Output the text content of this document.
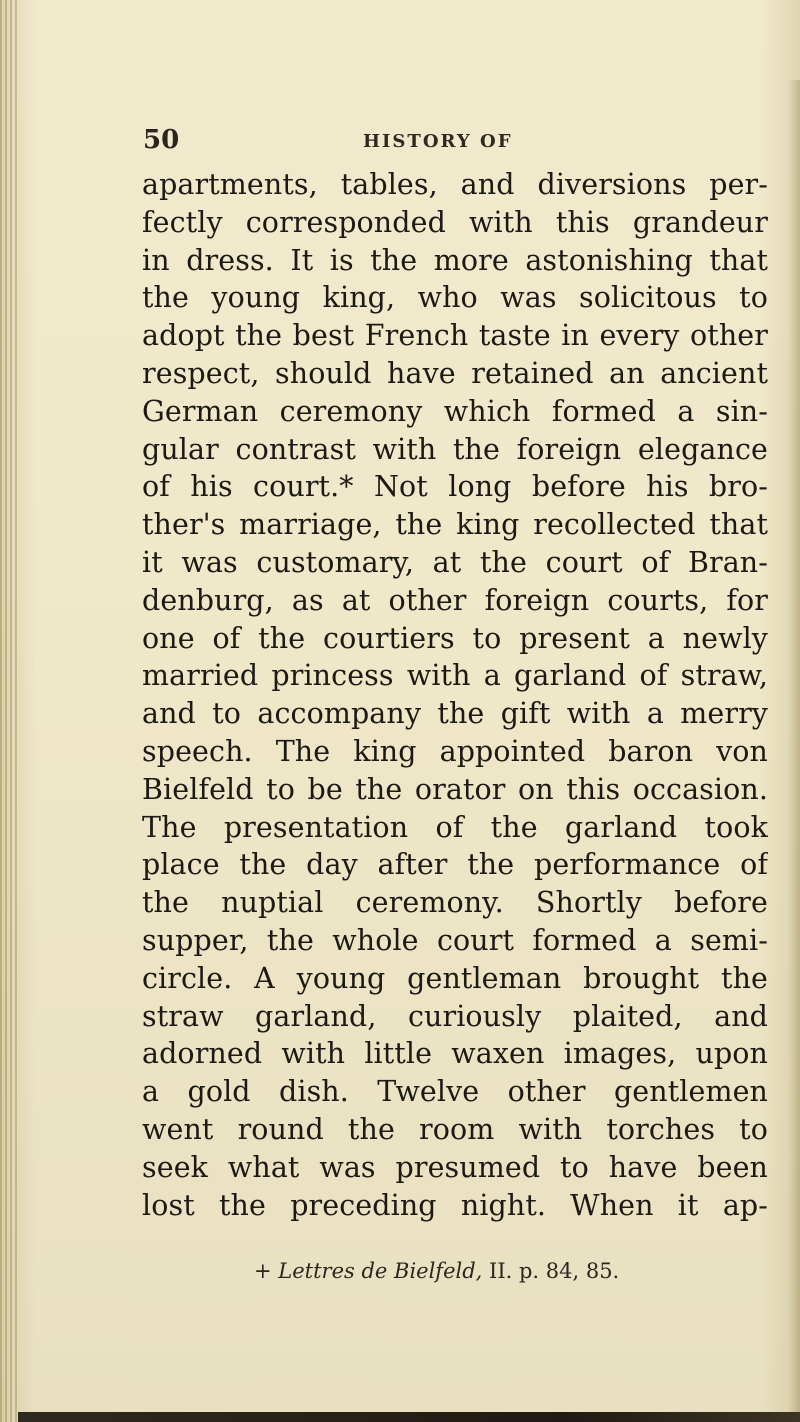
50	HISTORY OF
apartments, tables, and diversions per-
fectly corresponded with this grandeur
in dress. It is the more astonishing that
the young king, who was solicitous to
adopt the best French taste in every other
respect, should have retained an ancient
German ceremony which formed a sin-
gular contrast with the foreign elegance
of his court.* Not long before his bro-
ther's marriage, the king recollected that
it was customary, at the court of Bran-
denburg, as at other foreign courts, for
one of the courtiers to present a newly
married princess with a garland of straw,
and to accompany the gift with a merry
speech. The king appointed baron von
Bielfeld to be the orator on this occasion.
The presentation of the garland took
place the day after the performance of
the nuptial ceremony. Shortly before
supper, the whole court formed a semi-
circle. A young gentleman brought the
straw garland, curiously plaited, and
adorned with little waxen images, upon
a gold dish. Twelve other gentlemen
went round the room with torches to
seek what was presumed to have been
lost the preceding night. When it ap-
+ Lettres de Bielfeld, II. p. 84, 85.
